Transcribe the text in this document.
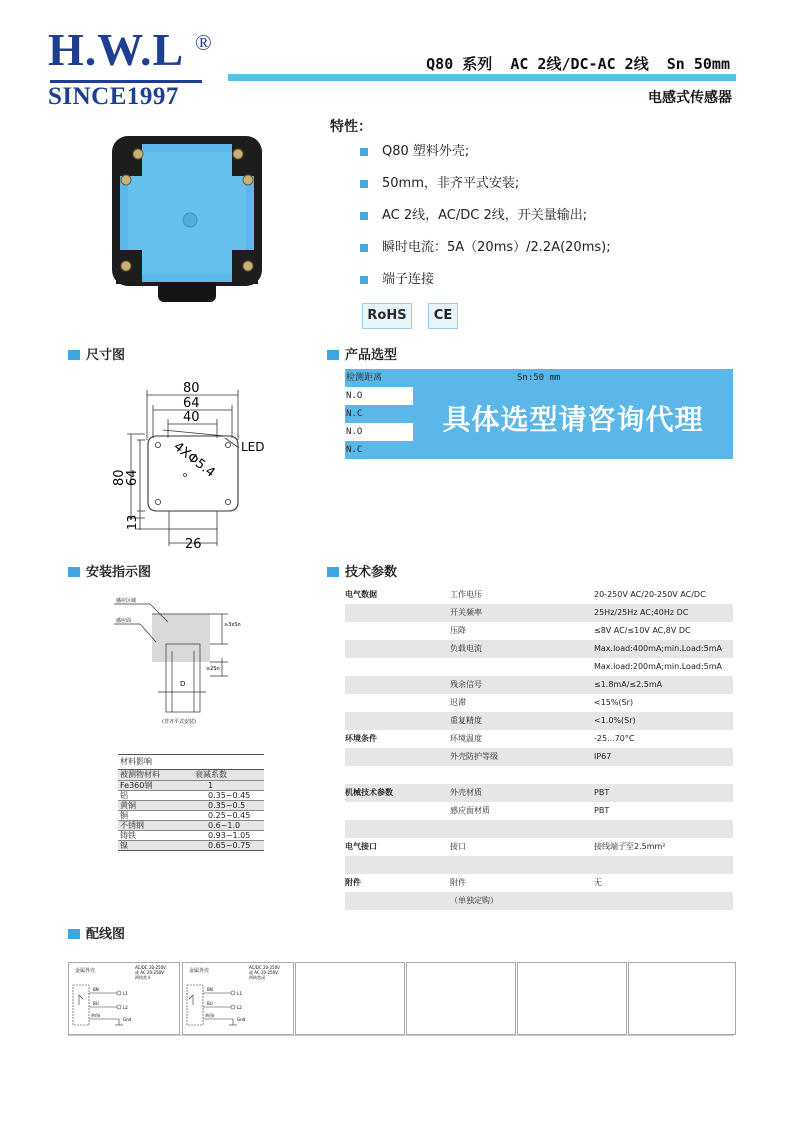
H.W.L ®
SINCE1997
Q80 系列  AC 2线/DC-AC 2线  Sn 50mm
电感式传感器
特性：
Q80 塑料外壳;
50mm，非齐平式安装;
AC 2线，AC/DC 2线，开关量输出;
瞬时电流：5A（20ms）/2.2A(20ms);
端子连接
RoHS	CE
尺寸图	产品选型
安装指示图	技术参数
配线图
80
64
40
LED
4XΦ5.4
80
64
13
26
检测距离	Sn:50 mm
N.O
N.C
N.O
N.C
具体选型请咨询代理
感应区域
感应面
≥3xSn
≥2Sn
D
(非齐平式安装)
材料影响
被测物材料	衰减系数
Fe360钢	1
铝	0.35~0.45
黄铜	0.35~0.5
铜	0.25~0.45
不锈钢	0.6~1.0
铸铁	0.93~1.05
镍	0.65~0.75
电气数据	工作电压	20-250V AC/20-250V AC/DC
开关频率	25Hz/25Hz AC;40Hz DC
压降	≤8V AC/≤10V AC,8V DC
负载电流	Max.load:400mA;min.Load:5mA
Max.load:200mA;min.Load:5mA
残余信号	≤1.8mA/≤2.5mA
迟滞	<15%(Sr)
重复精度	<1.0%(Sr)
环境条件	环境温度	-25...70°C
外壳防护等级	IP67
机械技术参数	外壳材质	PBT
感应面材质	PBT
电气接口	接口	接线端子至2.5mm²
附件	附件	无
（单独定购）
金属外壳
AC/DC 20-250V
或 AC 20-250V
两线常开
BN
BU
L1
L2
Gnd
黄/绿
金属外壳
AC/DC 20-250V
或 AC 20-250V
两线常闭
BN
BU
L1
L2
Gnd
黄/绿
